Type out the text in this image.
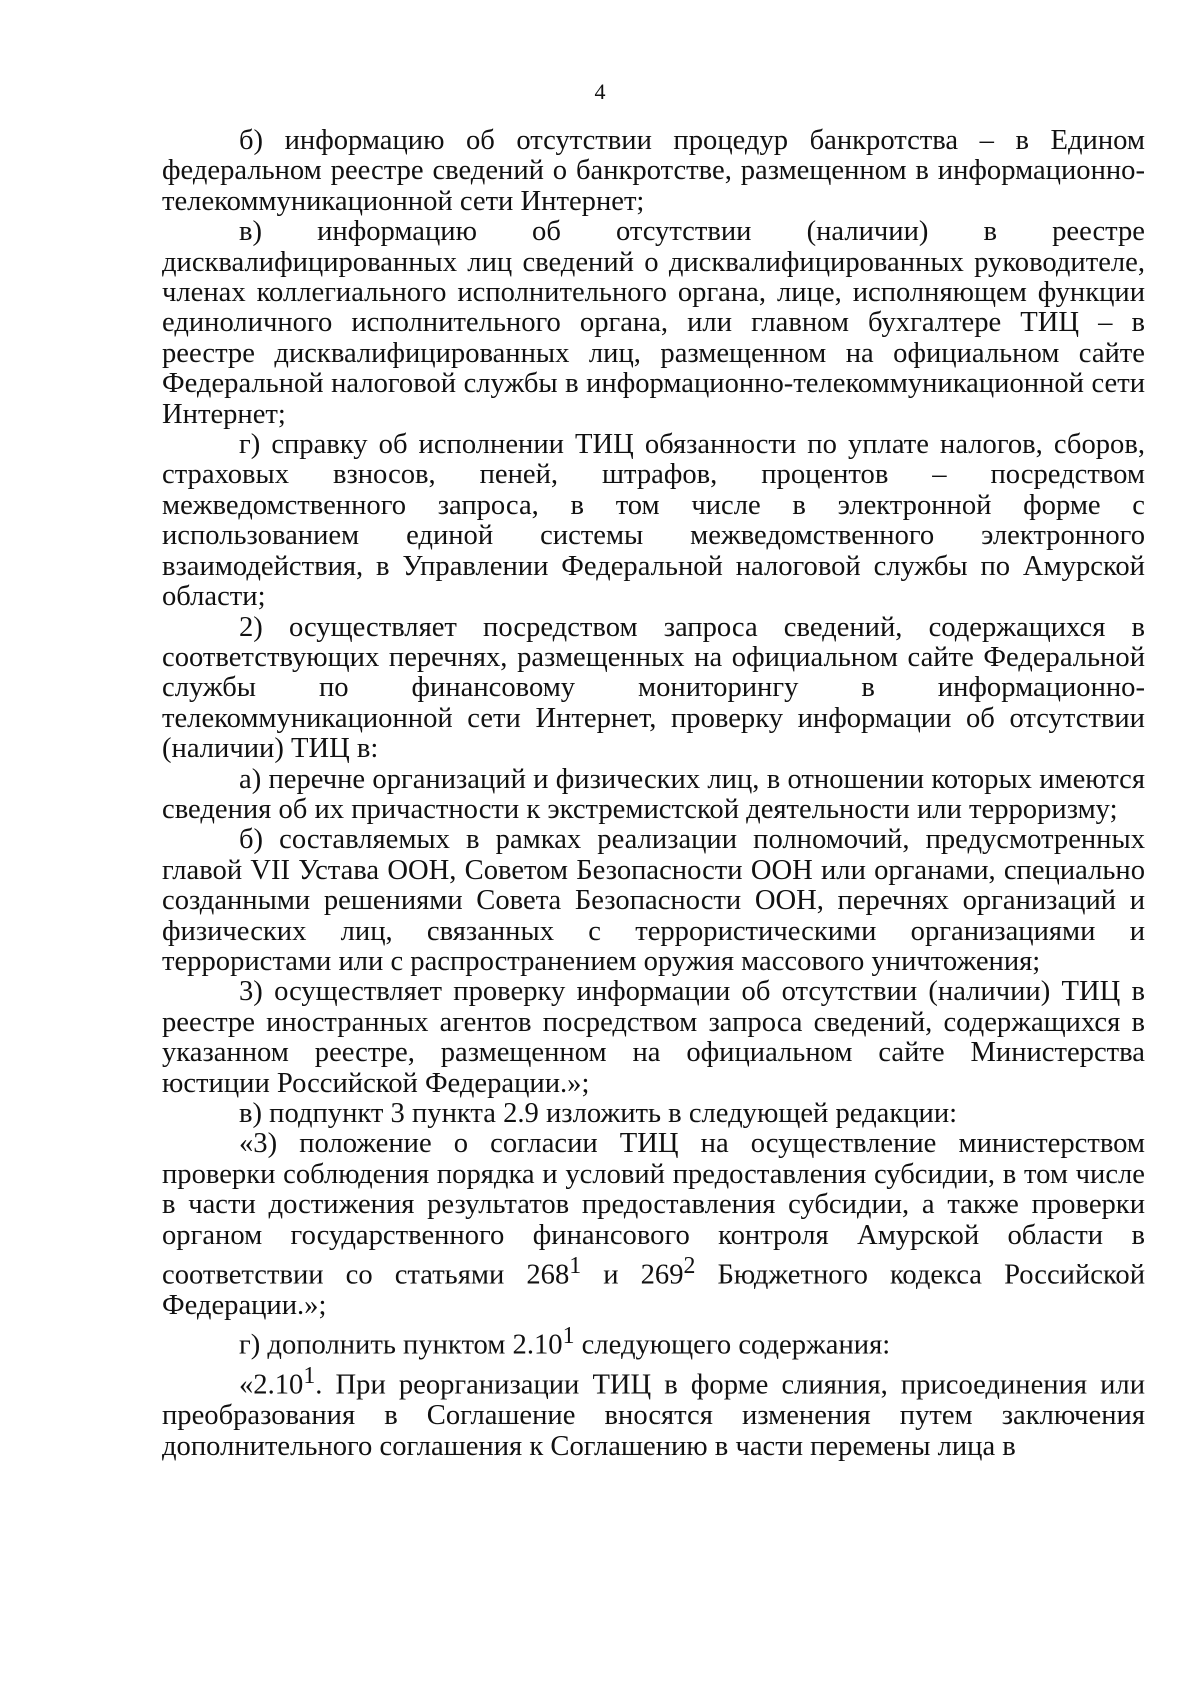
4

б) информацию об отсутствии процедур банкротства – в Едином федеральном реестре сведений о банкротстве, размещенном в информационно-телекоммуникационной сети Интернет;

в) информацию об отсутствии (наличии) в реестре дисквалифицированных лиц сведений о дисквалифицированных руководителе, членах коллегиального исполнительного органа, лице, исполняющем функции единоличного исполнительного органа, или главном бухгалтере ТИЦ – в реестре дисквалифицированных лиц, размещенном на официальном сайте Федеральной налоговой службы в информационно-телекоммуникационной сети Интернет;

г) справку об исполнении ТИЦ обязанности по уплате налогов, сборов, страховых взносов, пеней, штрафов, процентов – посредством межведомственного запроса, в том числе в электронной форме с использованием единой системы межведомственного электронного взаимодействия, в Управлении Федеральной налоговой службы по Амурской области;

2) осуществляет посредством запроса сведений, содержащихся в соответствующих перечнях, размещенных на официальном сайте Федеральной службы по финансовому мониторингу в информационно-телекоммуникационной сети Интернет, проверку информации об отсутствии (наличии) ТИЦ в:

а) перечне организаций и физических лиц, в отношении которых имеются сведения об их причастности к экстремистской деятельности или терроризму;

б) составляемых в рамках реализации полномочий, предусмотренных главой VII Устава ООН, Советом Безопасности ООН или органами, специально созданными решениями Совета Безопасности ООН, перечнях организаций и физических лиц, связанных с террористическими организациями и террористами или с распространением оружия массового уничтожения;

3) осуществляет проверку информации об отсутствии (наличии) ТИЦ в реестре иностранных агентов посредством запроса сведений, содержащихся в указанном реестре, размещенном на официальном сайте Министерства юстиции Российской Федерации.»;

в) подпункт 3 пункта 2.9 изложить в следующей редакции:

«3) положение о согласии ТИЦ на осуществление министерством проверки соблюдения порядка и условий предоставления субсидии, в том числе в части достижения результатов предоставления субсидии, а также проверки органом государственного финансового контроля Амурской области в соответствии со статьями $268^1$ и $269^2$ Бюджетного кодекса Российской Федерации.»;

г) дополнить пунктом 2.10$^1$ следующего содержания:

«2.10$^1$. При реорганизации ТИЦ в форме слияния, присоединения или преобразования в Соглашение вносятся изменения путем заключения дополнительного соглашения к Соглашению в части перемены лица в
